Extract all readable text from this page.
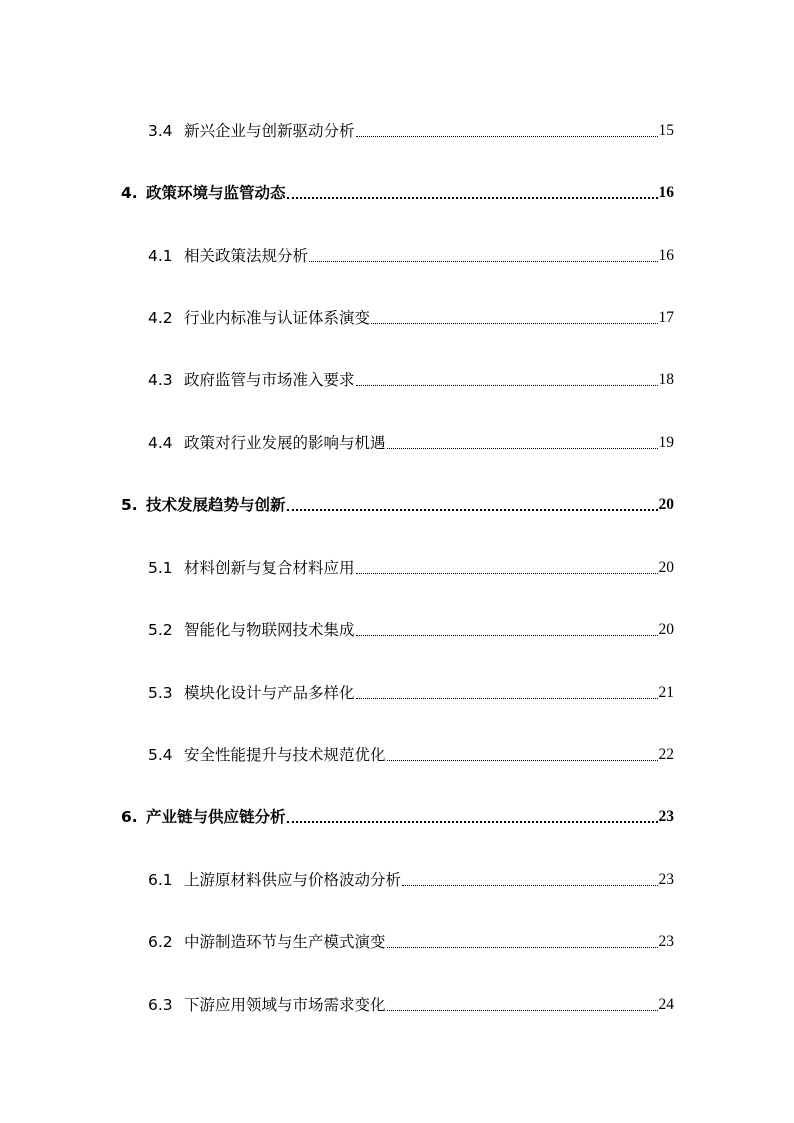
3.4 新兴企业与创新驱动分析	15
4. 政策环境与监管动态	16
4.1 相关政策法规分析	16
4.2 行业内标准与认证体系演变	17
4.3 政府监管与市场准入要求	18
4.4 政策对行业发展的影响与机遇	19
5. 技术发展趋势与创新	20
5.1 材料创新与复合材料应用	20
5.2 智能化与物联网技术集成	20
5.3 模块化设计与产品多样化	21
5.4 安全性能提升与技术规范优化	22
6. 产业链与供应链分析	23
6.1 上游原材料供应与价格波动分析	23
6.2 中游制造环节与生产模式演变	23
6.3 下游应用领域与市场需求变化	24
